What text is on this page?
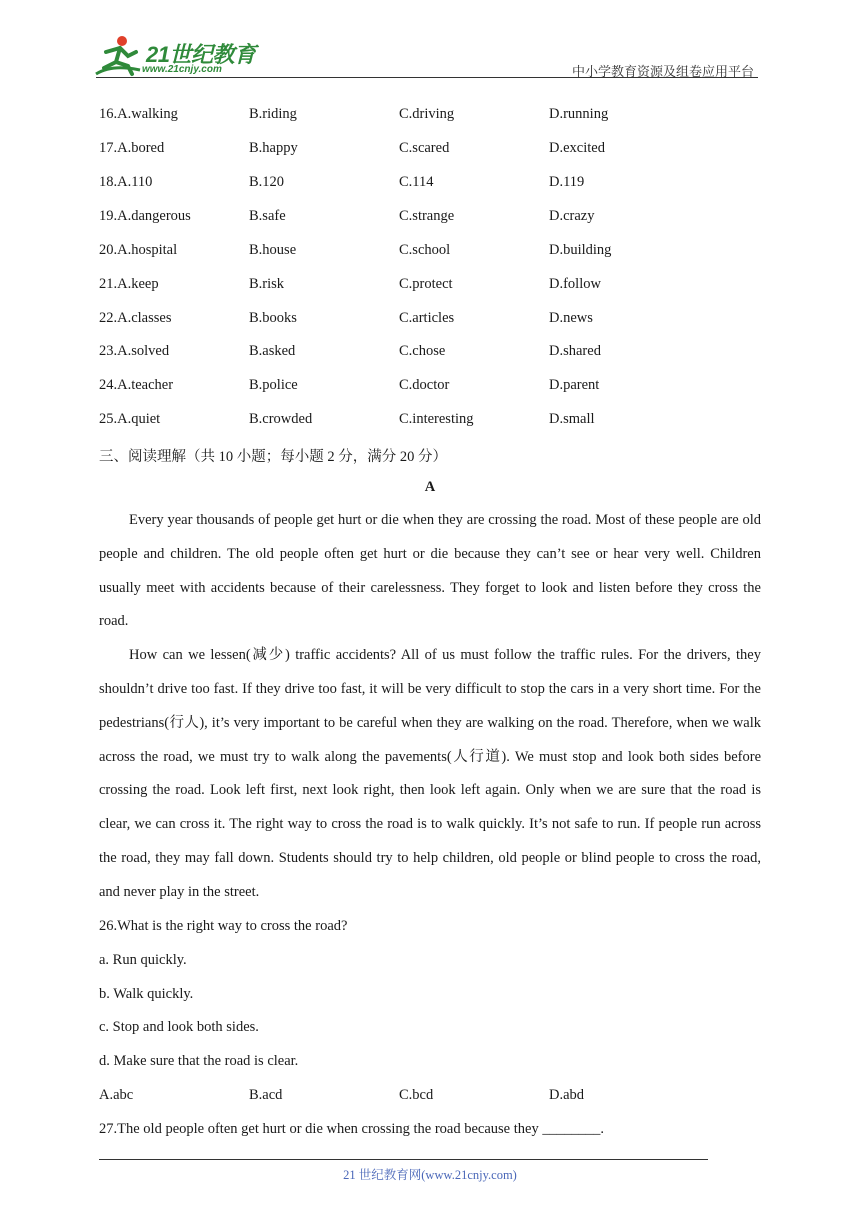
21世纪教育
www.21cnjy.com	中小学教育资源及组卷应用平台
16.A.walking	B.riding	C.driving	D.running
17.A.bored	B.happy	C.scared	D.excited
18.A.110	B.120	C.114	D.119
19.A.dangerous	B.safe	C.strange	D.crazy
20.A.hospital	B.house	C.school	D.building
21.A.keep	B.risk	C.protect	D.follow
22.A.classes	B.books	C.articles	D.news
23.A.solved	B.asked	C.chose	D.shared
24.A.teacher	B.police	C.doctor	D.parent
25.A.quiet	B.crowded	C.interesting	D.small
三、阅读理解（共 10 小题；每小题 2 分，满分 20 分）
A

Every year thousands of people get hurt or die when they are crossing the road. Most of these people are old people and children. The old people often get hurt or die because they can’t see or hear very well. Children usually meet with accidents because of their carelessness. They forget to look and listen before they cross the road.

How can we lessen(减少) traffic accidents? All of us must follow the traffic rules. For the drivers, they shouldn’t drive too fast. If they drive too fast, it will be very difficult to stop the cars in a very short time. For the pedestrians(行人), it’s very important to be careful when they are walking on the road. Therefore, when we walk across the road, we must try to walk along the pavements(人行道). We must stop and look both sides before crossing the road. Look left first, next look right, then look left again. Only when we are sure that the road is clear, we can cross it. The right way to cross the road is to walk quickly. It’s not safe to run. If people run across the road, they may fall down. Students should try to help children, old people or blind people to cross the road, and never play in the street.

26.What is the right way to cross the road?
a. Run quickly.
b. Walk quickly.
c. Stop and look both sides.
d. Make sure that the road is clear.
A.abc	B.acd	C.bcd	D.abd
27.The old people often get hurt or die when crossing the road because they ________.
21 世纪教育网(www.21cnjy.com)
